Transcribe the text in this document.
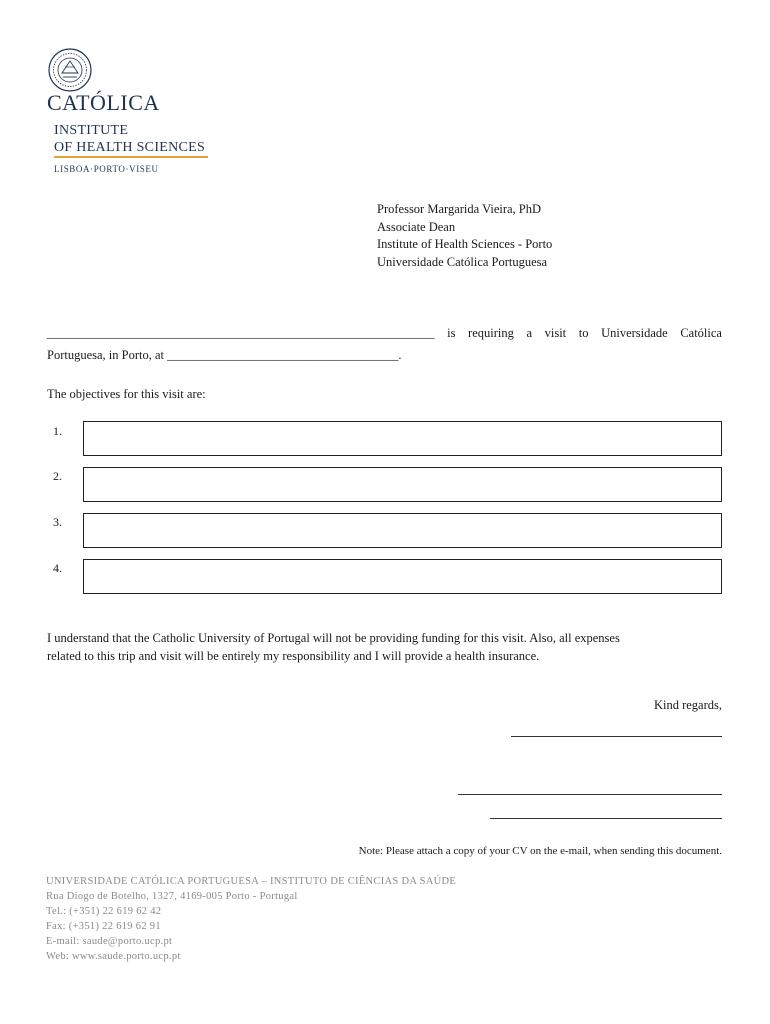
CATÓLICA
INSTITUTE
OF HEALTH SCIENCES
LISBOA·PORTO·VISEU
Professor Margarida Vieira, PhD
Associate Dean
Institute of Health Sciences - Porto
Universidade Católica Portuguesa
______________________________________________________________ is requiring a visit to Universidade Católica
Portuguesa, in Porto, at _____________________________________.
The objectives for this visit are:
1.
2.
3.
4.
I understand that the Catholic University of Portugal will not be providing funding for this visit. Also, all expenses
related to this trip and visit will be entirely my responsibility and I will provide a health insurance.
Kind regards,
Note: Please attach a copy of your CV on the e-mail, when sending this document.
UNIVERSIDADE CATÓLICA PORTUGUESA – INSTITUTO DE CIÊNCIAS DA SAÚDE
Rua Diogo de Botelho, 1327, 4169-005 Porto - Portugal
Tel.: (+351) 22 619 62 42
Fax: (+351) 22 619 62 91
E-mail: saude@porto.ucp.pt
Web: www.saude.porto.ucp.pt
